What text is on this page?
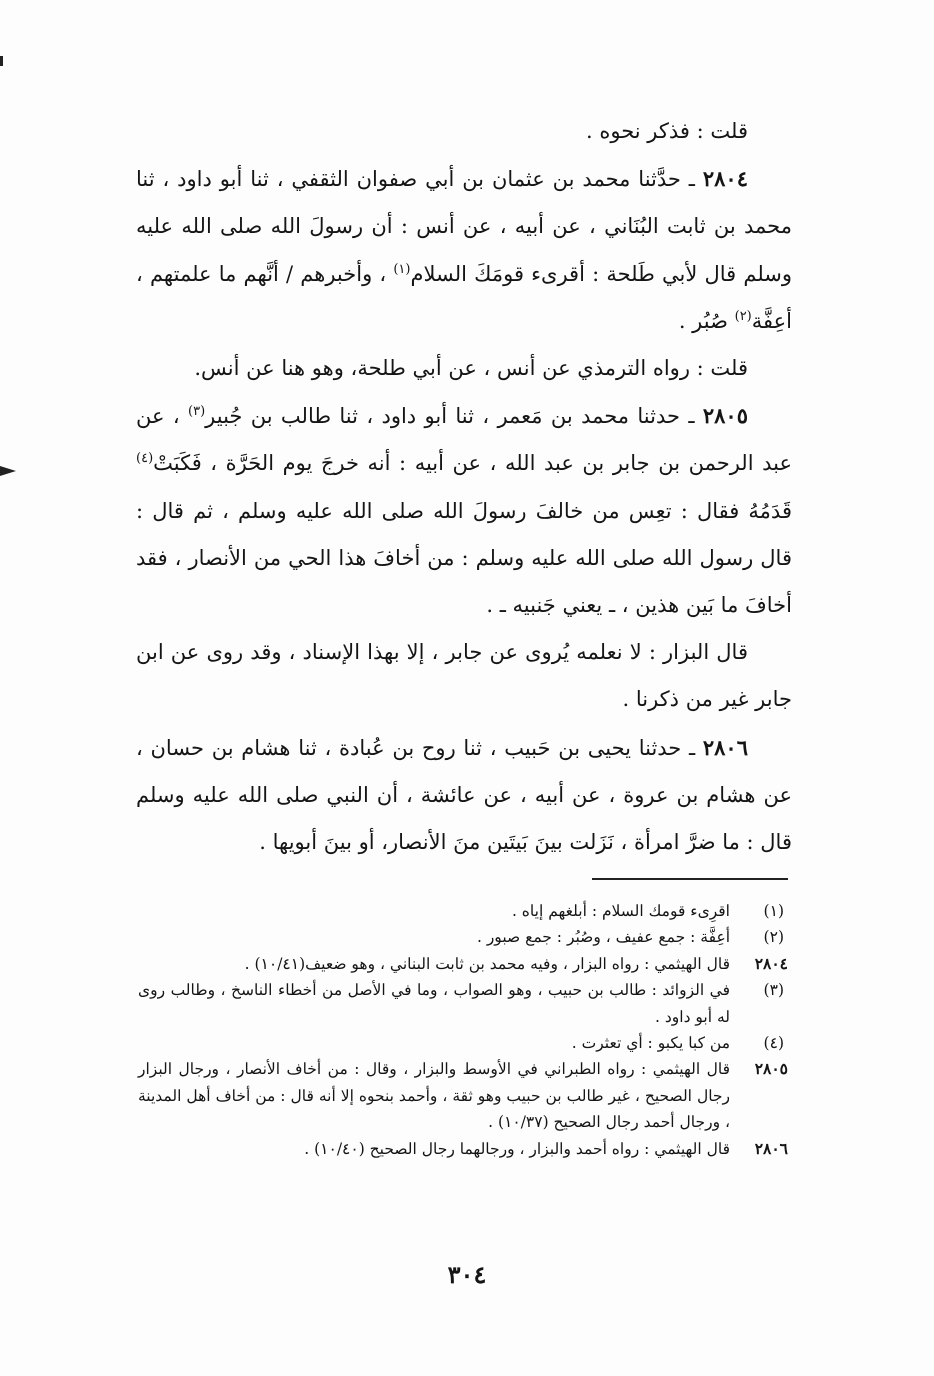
قلت : فذكر نحوه .

٢٨٠٤ ـ حدَّثنا محمد بن عثمان بن أبي صفوان الثقفي ، ثنا أبو داود ، ثنا محمد بن ثابت البُنَاني ، عن أبيه ، عن أنس : أن رسولَ الله صلى الله عليه وسلم قال لأبي طَلحة : أقرىء قومَكَ السلام$^{(١)}$ ، وأخبرهم / أنَّهم ما علمتهم ، أعِفَّة$^{(٢)}$ صُبُر .

قلت : رواه الترمذي عن أنس ، عن أبي طلحة، وهو هنا عن أنس.

٢٨٠٥ ـ حدثنا محمد بن مَعمر ، ثنا أبو داود ، ثنا طالب بن جُبير$^{(٣)}$ ، عن عبد الرحمن بن جابر بن عبد الله ، عن أبيه : أنه خرجَ يوم الحَرَّة ، فَكَبَتْ$^{(٤)}$ قَدَمُهُ فقال : تعِس من خالفَ رسولَ الله صلى الله عليه وسلم ، ثم قال : قال رسول الله صلى الله عليه وسلم : من أخافَ هذا الحي من الأنصار ، فقد أخافَ ما بَين هذين ، ـ يعني جَنبيه ـ .

قال البزار : لا نعلمه يُروى عن جابر ، إلا بهذا الإسناد ، وقد روى عن ابن جابر غير من ذكرنا .

٢٨٠٦ ـ حدثنا يحيى بن حَبيب ، ثنا روح بن عُبادة ، ثنا هشام بن حسان ، عن هشام بن عروة ، عن أبيه ، عن عائشة ، أن النبي صلى الله عليه وسلم قال : ما ضرَّ امرأة ، نَزَلت بينَ بَيتَين منَ الأنصار، أو بينَ أبويها .

(١)
اقرِىء قومك السلام : أبلغهم إياه .
(٢)
أعِفَّة : جمع عفيف ، وصُبُر : جمع صبور .
٢٨٠٤
قال الهيثمي : رواه البزار ، وفيه محمد بن ثابت البناني ، وهو ضعيف(١٠/٤١) .
(٣)
في الزوائد : طالب بن حبيب ، وهو الصواب ، وما في الأصل من أخطاء الناسخ ، وطالب روى له أبو داود .
(٤)
من كبا يكبو : أي تعثرت .
٢٨٠٥
قال الهيثمي : رواه الطبراني في الأوسط والبزار ، وقال : من أخاف الأنصار ، ورجال البزار رجال الصحيح ، غير طالب بن حبيب وهو ثقة ، وأحمد بنحوه إلا أنه قال : من أخاف أهل المدينة ، ورجال أحمد رجال الصحيح (١٠/٣٧) .
٢٨٠٦
قال الهيثمي : رواه أحمد والبزار ، ورجالهما رجال الصحيح (١٠/٤٠) .
٣٠٤
